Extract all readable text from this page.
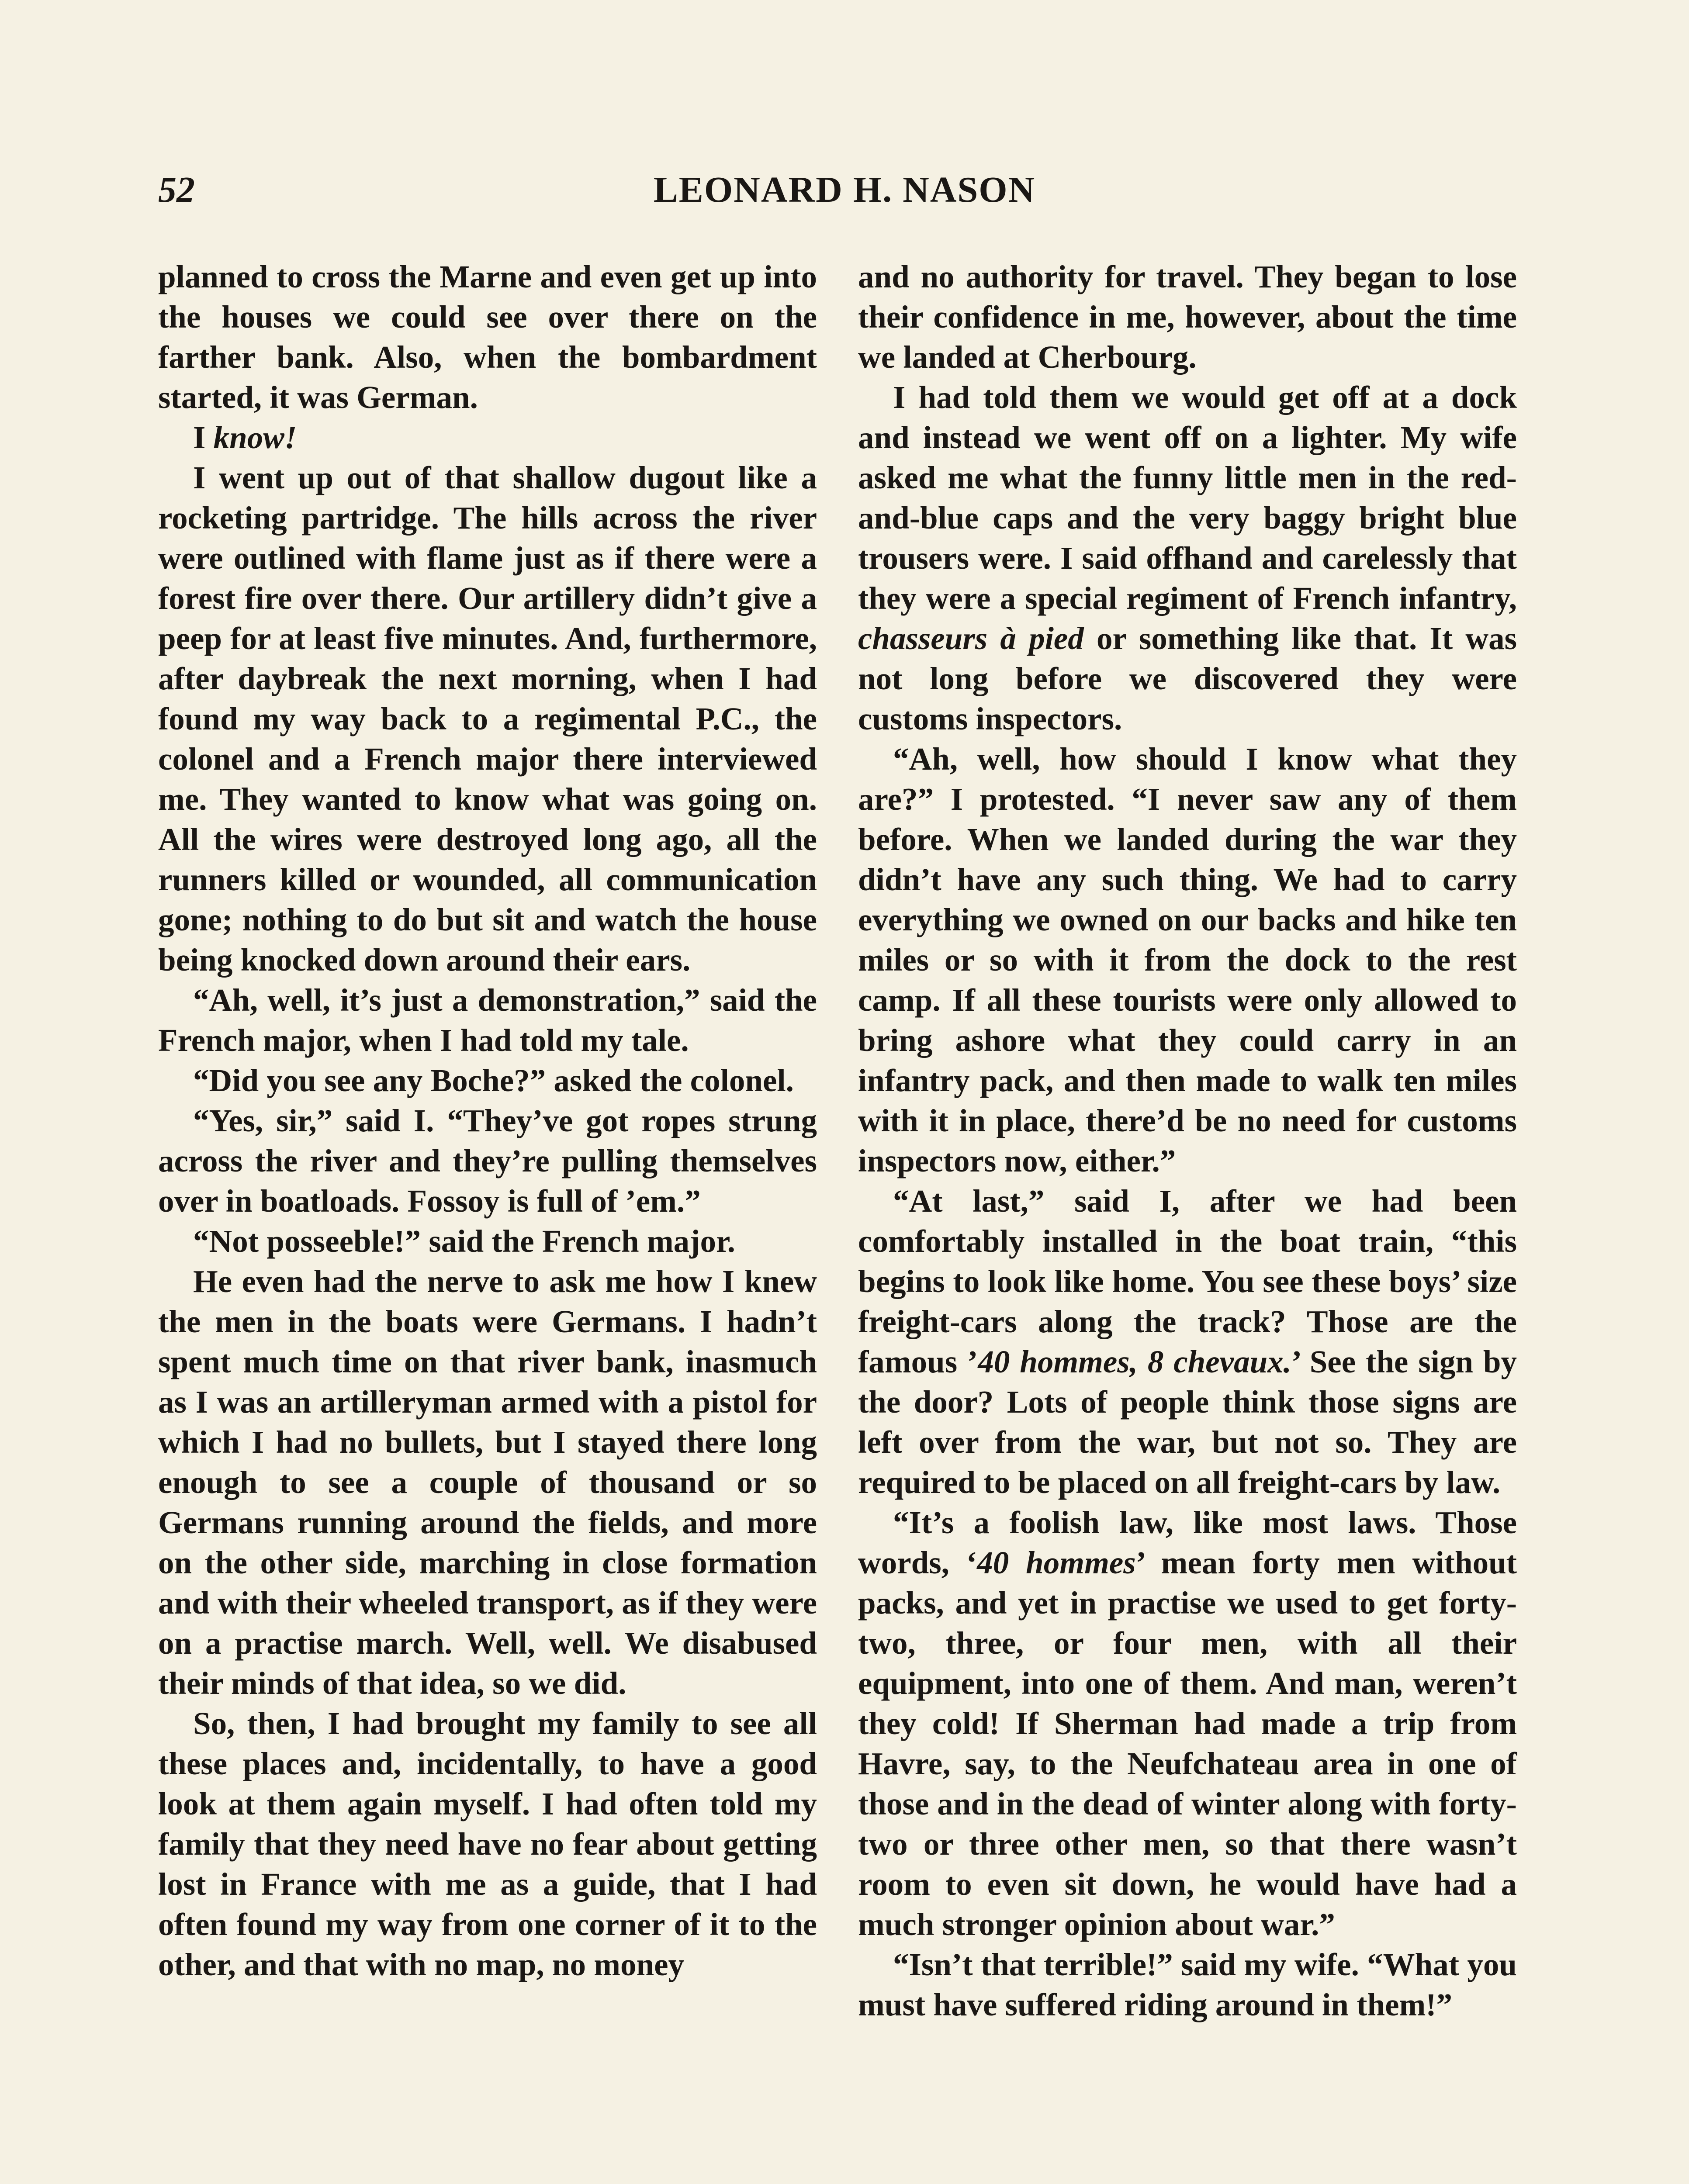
52	LEONARD H. NASON

planned to cross the Marne and even get up into the houses we could see over there on the farther bank. Also, when the bombardment started, it was German.

I know!

I went up out of that shallow dugout like a rocketing partridge. The hills across the river were outlined with flame just as if there were a forest fire over there. Our artillery didn’t give a peep for at least five minutes. And, furthermore, after daybreak the next morning, when I had found my way back to a regimental P.C., the colonel and a French major there interviewed me. They wanted to know what was going on. All the wires were destroyed long ago, all the runners killed or wounded, all communication gone; nothing to do but sit and watch the house being knocked down around their ears.

“Ah, well, it’s just a demonstration,” said the French major, when I had told my tale.

“Did you see any Boche?” asked the colonel.

“Yes, sir,” said I. “They’ve got ropes strung across the river and they’re pulling themselves over in boatloads. Fossoy is full of ’em.”

“Not posseeble!” said the French major.

He even had the nerve to ask me how I knew the men in the boats were Germans. I hadn’t spent much time on that river bank, inasmuch as I was an artilleryman armed with a pistol for which I had no bullets, but I stayed there long enough to see a couple of thousand or so Germans running around the fields, and more on the other side, marching in close formation and with their wheeled transport, as if they were on a practise march. Well, well. We disabused their minds of that idea, so we did.

So, then, I had brought my family to see all these places and, incidentally, to have a good look at them again myself. I had often told my family that they need have no fear about getting lost in France with me as a guide, that I had often found my way from one corner of it to the other, and that with no map, no money

and no authority for travel. They began to lose their confidence in me, however, about the time we landed at Cherbourg.

I had told them we would get off at a dock and instead we went off on a lighter. My wife asked me what the funny little men in the red-and-blue caps and the very baggy bright blue trousers were. I said offhand and carelessly that they were a special regiment of French infantry, chasseurs à pied or something like that. It was not long before we discovered they were customs inspectors.

“Ah, well, how should I know what they are?” I protested. “I never saw any of them before. When we landed during the war they didn’t have any such thing. We had to carry everything we owned on our backs and hike ten miles or so with it from the dock to the rest camp. If all these tourists were only allowed to bring ashore what they could carry in an infantry pack, and then made to walk ten miles with it in place, there’d be no need for customs inspectors now, either.”

“At last,” said I, after we had been comfortably installed in the boat train, “this begins to look like home. You see these boys’ size freight-cars along the track? Those are the famous ’40 hommes, 8 chevaux.’ See the sign by the door? Lots of people think those signs are left over from the war, but not so. They are required to be placed on all freight-cars by law.

“It’s a foolish law, like most laws. Those words, ‘40 hommes’ mean forty men without packs, and yet in practise we used to get forty-two, three, or four men, with all their equipment, into one of them. And man, weren’t they cold! If Sherman had made a trip from Havre, say, to the Neufchateau area in one of those and in the dead of winter along with forty-two or three other men, so that there wasn’t room to even sit down, he would have had a much stronger opinion about war.”

“Isn’t that terrible!” said my wife. “What you must have suffered riding around in them!”
